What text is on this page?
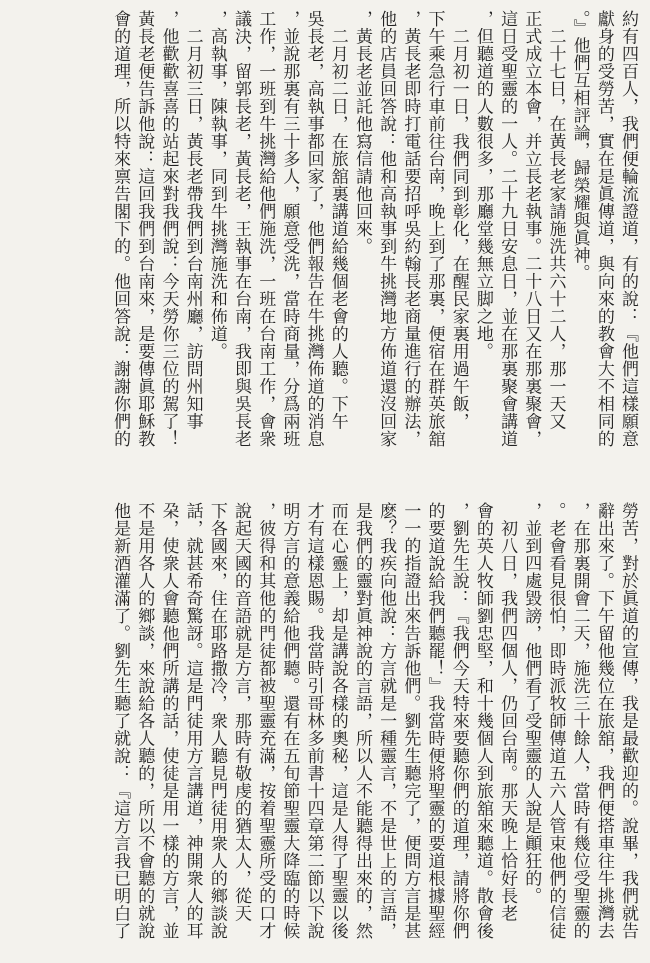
約有四百人，我們便輪流證道，有的說：『他們這樣願意
獻身的受勞苦，實在是眞傳道，與向來的教會大不相同的
。』他們互相評論，歸榮耀與眞神。
　二十七日，在黃長老家請施洗共六十二人，那一天又
正式成立本會，并立長老執事。二十八日又在那裏聚會，
這日受聖靈的一人。二十九日安息日，並在那裏聚會講道
，但聽道的人數很多，那廳堂幾無立脚之地。
　二月初一日，我們同到彰化，在醒民家裏用過午飯，
下午乘急行車前往台南，晚上到了那裏，便宿在群英旅舘
，黃長老即時打電話要招呼吳約翰長老商量進行的辦法，
他的店員回答說：他和高執事到牛挑灣地方佈道還沒回家
，黃長老並託他寫信請他回來。
　二月初二日，在旅舘裏講道給幾個老會的人聽。下午
吳長老，高執事都回家了，他們報告在牛挑灣佈道的消息
，並說那裏有三十多人，願意受洗，當時商量，分爲兩班
工作，一班到牛挑灣給他們施洗，一班在台南工作，會衆
議決，留郭長老，黃長老，王執事在台南，我即與吳長老
，高執事，陳執事，同到牛挑灣施洗和佈道。
　二月初三日，黃長老帶我們到台南州廳，訪問州知事
，他歡歡喜喜的站起來對我們說：今天勞你三位的駕了！
黃長老便告訴他說：這回我們到台南來，是要傳眞耶穌教
會的道理，所以特來禀告閣下的。他回答說：謝謝你們的
勞苦，對於眞道的宣傳，我是最歡迎的。說畢，我們就告
辭出來了。下午留他幾位在旅舘，我們便搭車往牛挑灣去
，在那裏開會二天，施洗三十餘人，當時有幾位受聖靈的
。老會看見很怕，即時派牧師傳道五六人管束他們的信徒
，並到四處毀謗，他們看了受聖靈的人說是顚狂的。
　初八日，我們四個人，仍回台南。那天晚上恰好長老
會的英人牧師劉忠堅，和十幾個人到旅舘來聽道。散會後
，劉先生說：『我們今天特來要聽你們的道理，請將你們
的要道說給我們聽罷！』我當時便將聖靈的要道根據聖經
一一的指證出來告訴他們。劉先生聽完了，便問方言是甚
麽？我疾向他說：方言就是一種靈言，不是世上的言語，
是我們的靈對眞神說的言語，所以人不能聽得出來的，然
而在心靈上，却是講說各樣的奧秘，這是人得了聖靈以後
才有這樣恩賜。我當時引哥林多前書十四章第二節以下說
明方言的意義給他們聽。還有在五旬節聖靈大降臨的時候
，彼得和其他的門徒都被聖靈充滿，按着聖靈所受的口才
說起天國的音語就是方言，那時有敬虔的猶太人，從天
下各國來，住在耶路撒冷，衆人聽見門徒用衆人的鄉談說
話，就甚希奇驚訝。這是門徒用方言講道，神開衆人的耳
朶，使衆人會聽他們所講的話，使徒是用一樣的方言，並
不是用各人的鄉談，來說給各人聽的，所以不會聽的就說
他是新酒灌滿了。劉先生聽了就說：『這方言我已明白了
